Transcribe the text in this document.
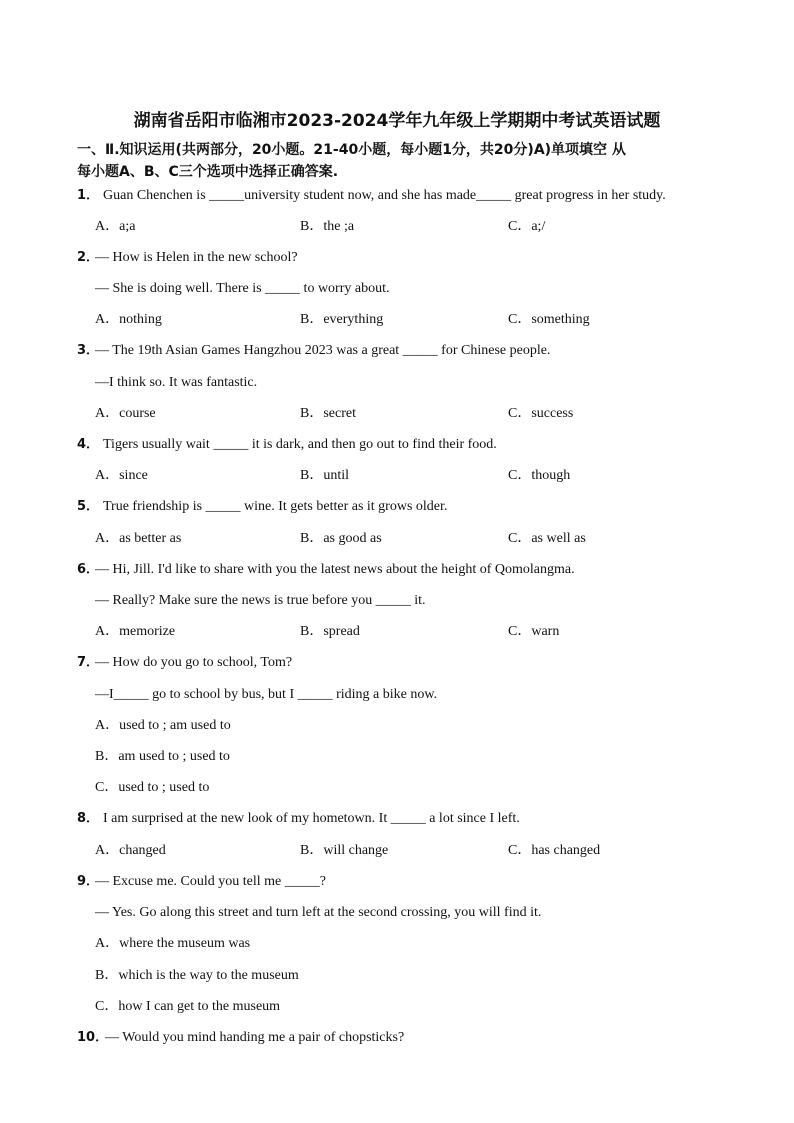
湖南省岳阳市临湘市2023-2024学年九年级上学期期中考试英语试题
一、Ⅱ.知识运用(共两部分，20小题。21-40小题，每小题1分，共20分)A)单项填空 从
每小题A、B、C三个选项中选择正确答案.
1． Guan Chenchen is _____university student now, and she has made_____ great progress in her study.
A．a;a	B．the ;a	C．a;/
2．
— How is Helen in the new school?
— She is doing well. There is _____ to worry about.
A．nothing	B．everything	C．something
3．
— The 19th Asian Games Hangzhou 2023 was a great _____ for Chinese people.
—I think so. It was fantastic.
A．course	B．secret	C．success
4． Tigers usually wait _____ it is dark, and then go out to find their food.
A．since	B．until	C．though
5． True friendship is _____ wine. It gets better as it grows older.
A．as better as	B．as good as	C．as well as
6．
— Hi, Jill. I'd like to share with you the latest news about the height of Qomolangma.
— Really? Make sure the news is true before you _____ it.
A．memorize	B．spread	C．warn
7．
— How do you go to school, Tom?
—I_____ go to school by bus, but I _____ riding a bike now.
A．used to ; am used to
B．am used to ; used to
C．used to ; used to
8． I am surprised at the new look of my hometown. It _____ a lot since I left.
A．changed	B．will change	C．has changed
9．
— Excuse me. Could you tell me _____?
— Yes. Go along this street and turn left at the second crossing, you will find it.
A．where the museum was
B．which is the way to the museum
C．how I can get to the museum
10．
— Would you mind handing me a pair of chopsticks?
